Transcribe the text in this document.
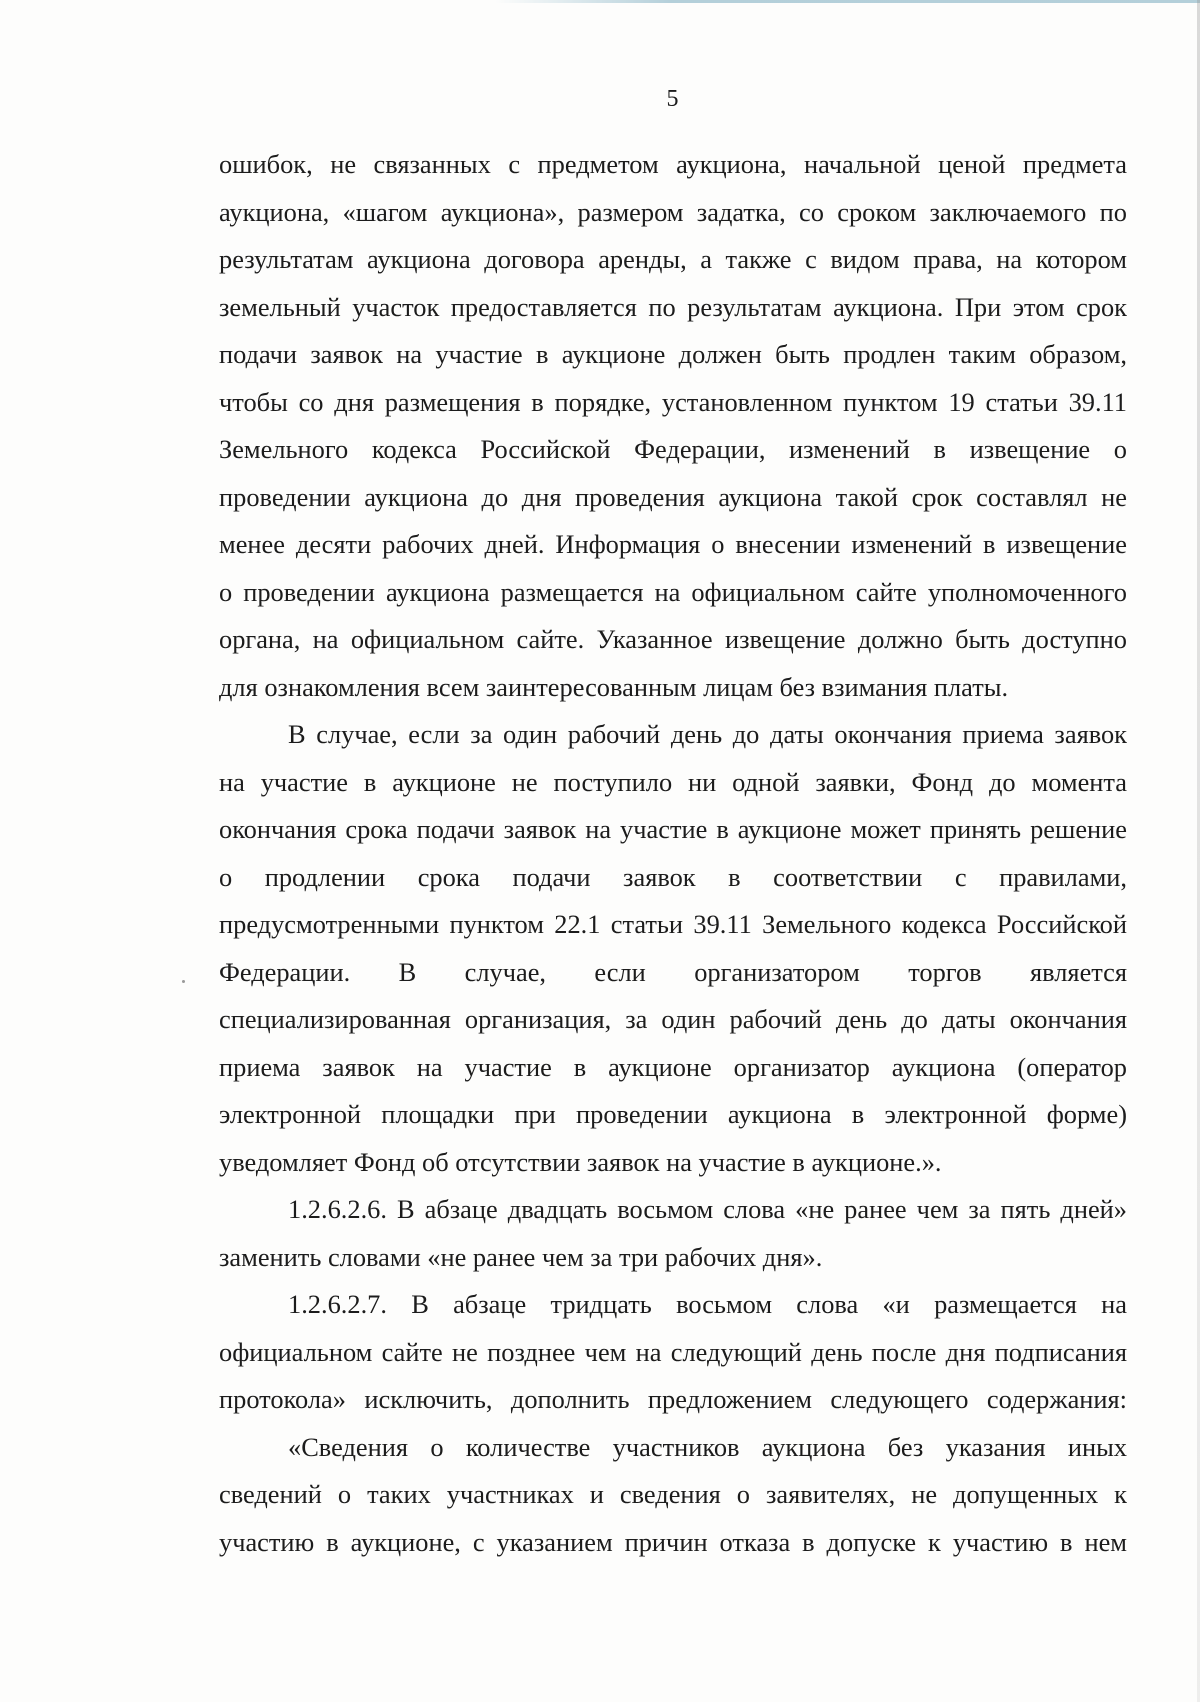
5
ошибок, не связанных с предметом аукциона, начальной ценой предмета
аукциона, «шагом аукциона», размером задатка, со сроком заключаемого по
результатам аукциона договора аренды, а также с видом права, на котором
земельный участок предоставляется по результатам аукциона. При этом срок
подачи заявок на участие в аукционе должен быть продлен таким образом,
чтобы со дня размещения в порядке, установленном пунктом 19 статьи 39.11
Земельного кодекса Российской Федерации, изменений в извещение о
проведении аукциона до дня проведения аукциона такой срок составлял не
менее десяти рабочих дней. Информация о внесении изменений в извещение
о проведении аукциона размещается на официальном сайте уполномоченного
органа, на официальном сайте. Указанное извещение должно быть доступно
для ознакомления всем заинтересованным лицам без взимания платы.
В случае, если за один рабочий день до даты окончания приема заявок
на участие в аукционе не поступило ни одной заявки, Фонд до момента
окончания срока подачи заявок на участие в аукционе может принять решение
о продлении срока подачи заявок в соответствии с правилами,
предусмотренными пунктом 22.1 статьи 39.11 Земельного кодекса Российской
Федерации. В случае, если организатором торгов является
специализированная организация, за один рабочий день до даты окончания
приема заявок на участие в аукционе организатор аукциона (оператор
электронной площадки при проведении аукциона в электронной форме)
уведомляет Фонд об отсутствии заявок на участие в аукционе.».
1.2.6.2.6. В абзаце двадцать восьмом слова «не ранее чем за пять дней»
заменить словами «не ранее чем за три рабочих дня».
1.2.6.2.7. В абзаце тридцать восьмом слова «и размещается на
официальном сайте не позднее чем на следующий день после дня подписания
протокола» исключить, дополнить предложением следующего содержания:
«Сведения о количестве участников аукциона без указания иных
сведений о таких участниках и сведения о заявителях, не допущенных к
участию в аукционе, с указанием причин отказа в допуске к участию в нем
